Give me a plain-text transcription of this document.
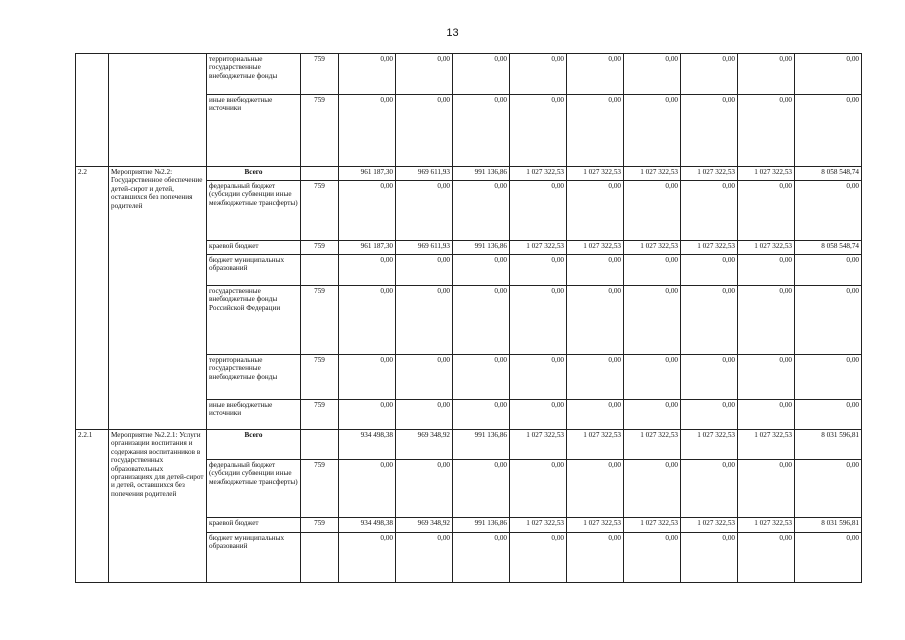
13
		территориальные государственные внебюджетные фонды	759	0,00	0,00	0,00	0,00	0,00	0,00	0,00	0,00	0,00
		иные внебюджетные источники	759	0,00	0,00	0,00	0,00	0,00	0,00	0,00	0,00	0,00
2.2	Мероприятие №2.2: Государственное обеспечение детей-сирот и детей, оставшихся без попечения родителей	Всего		961 187,30	969 611,93	991 136,86	1 027 322,53	1 027 322,53	1 027 322,53	1 027 322,53	1 027 322,53	8 058 548,74
		федеральный бюджет (субсидии субвенции иные межбюджетные трансферты)	759	0,00	0,00	0,00	0,00	0,00	0,00	0,00	0,00	0,00
		краевой бюджет	759	961 187,30	969 611,93	991 136,86	1 027 322,53	1 027 322,53	1 027 322,53	1 027 322,53	1 027 322,53	8 058 548,74
		бюджет муниципальных образований		0,00	0,00	0,00	0,00	0,00	0,00	0,00	0,00	0,00
		государственные внебюджетные фонды Российской Федерации	759	0,00	0,00	0,00	0,00	0,00	0,00	0,00	0,00	0,00
		территориальные государственные внебюджетные фонды	759	0,00	0,00	0,00	0,00	0,00	0,00	0,00	0,00	0,00
		иные внебюджетные источники	759	0,00	0,00	0,00	0,00	0,00	0,00	0,00	0,00	0,00
2.2.1	Мероприятие №2.2.1: Услуги организации воспитания и содержания воспитанников в государственных образовательных организациях для детей-сирот и детей, оставшихся без попечения родителей	Всего		934 498,38	969 348,92	991 136,86	1 027 322,53	1 027 322,53	1 027 322,53	1 027 322,53	1 027 322,53	8 031 596,81
		федеральный бюджет (субсидии субвенции иные межбюджетные трансферты)	759	0,00	0,00	0,00	0,00	0,00	0,00	0,00	0,00	0,00
		краевой бюджет	759	934 498,38	969 348,92	991 136,86	1 027 322,53	1 027 322,53	1 027 322,53	1 027 322,53	1 027 322,53	8 031 596,81
		бюджет муниципальных образований		0,00	0,00	0,00	0,00	0,00	0,00	0,00	0,00	0,00
